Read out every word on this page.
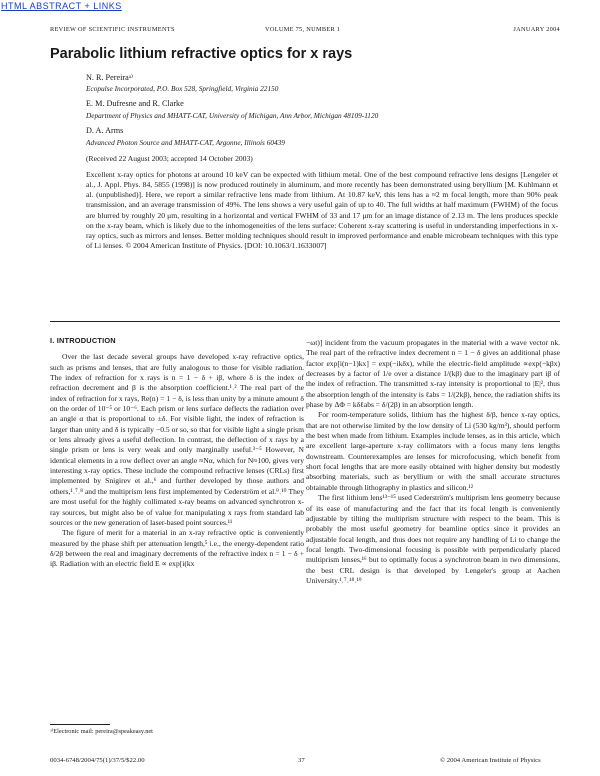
HTML ABSTRACT + LINKS
REVIEW OF SCIENTIFIC INSTRUMENTS	VOLUME 75, NUMBER 1	JANUARY 2004
Parabolic lithium refractive optics for x rays
N. R. Pereiraᵃ⁾
Ecopulse Incorporated, P.O. Box 528, Springfield, Virginia 22150
E. M. Dufresne and R. Clarke
Department of Physics and MHATT-CAT, University of Michigan, Ann Arbor, Michigan 48109-1120
D. A. Arms
Advanced Photon Source and MHATT-CAT, Argonne, Illinois 60439
(Received 22 August 2003; accepted 14 October 2003)
Excellent x-ray optics for photons at around 10 keV can be expected with lithium metal. One of the best compound refractive lens designs [Lengeler et al., J. Appl. Phys. 84, 5855 (1998)] is now produced routinely in aluminum, and more recently has been demonstrated using beryllium [M. Kuhlmann et al. (unpublished)]. Here, we report a similar refractive lens made from lithium. At 10.87 keV, this lens has a ≈2 m focal length, more than 90% peak transmission, and an average transmission of 49%. The lens shows a very useful gain of up to 40. The full widths at half maximum (FWHM) of the focus are blurred by roughly 20 μm, resulting in a horizontal and vertical FWHM of 33 and 17 μm for an image distance of 2.13 m. The lens produces speckle on the x-ray beam, which is likely due to the inhomogeneities of the lens surface: Coherent x-ray scattering is useful in understanding imperfections in x-ray optics, such as mirrors and lenses. Better molding techniques should result in improved performance and enable microbeam techniques with this type of Li lenses. © 2004 American Institute of Physics. [DOI: 10.1063/1.1633007]
I. INTRODUCTION

Over the last decade several groups have developed x-ray refractive optics, such as prisms and lenses, that are fully analogous to those for visible radiation. The index of refraction for x rays is n = 1 − δ + iβ, where δ is the index of refraction decrement and β is the absorption coefficient.¹˒² The real part of the index of refraction for x rays, Re(n) = 1 − δ, is less than unity by a minute amount δ on the order of 10⁻⁵ or 10⁻⁶. Each prism or lens surface deflects the radiation over an angle α that is proportional to ±δ. For visible light, the index of refraction is larger than unity and δ is typically −0.5 or so, so that for visible light a single prism or lens already gives a useful deflection. In contrast, the deflection of x rays by a single prism or lens is very weak and only marginally useful.³⁻⁵ However, N identical elements in a row deflect over an angle ≈Nα, which for N≈100, gives very interesting x-ray optics. These include the compound refractive lenses (CRLs) first implemented by Snigirev et al.,⁶ and further developed by those authors and others,¹˒⁷˒⁸ and the multiprism lens first implemented by Cederström et al.⁹˒¹⁰ They are most useful for the highly collimated x-ray beams on advanced synchrotron x-ray sources, but might also be of value for manipulating x rays from standard lab sources or the new generation of laser-based point sources.¹¹

The figure of merit for a material in an x-ray refractive optic is conveniently measured by the phase shift per attenuation length,⁵ i.e., the energy-dependent ratio δ/2β between the real and imaginary decrements of the refractive index n = 1 − δ + iβ. Radiation with an electric field E ∝ exp[i(kx

−ωt)] incident from the vacuum propagates in the material with a wave vector nk. The real part of the refractive index decrement n = 1 − δ gives an additional phase factor exp[i(n−1)kx] = exp(−ikδx), while the electric-field amplitude ∝exp(−kβx) decreases by a factor of 1/e over a distance 1/(kβ) due to the imaginary part iβ of the index of refraction. The transmitted x-ray intensity is proportional to |E|², thus the absorption length of the intensity is ℓabs = 1/(2kβ), hence, the radiation shifts its phase by ΔΦ = kδℓabs = δ/(2β) in an absorption length.

For room-temperature solids, lithium has the highest δ/β, hence x-ray optics, that are not otherwise limited by the low density of Li (530 kg/m³), should perform the best when made from lithium. Examples include lenses, as in this article, which are excellent large-aperture x-ray collimators with a focus many lens lengths downstream. Counterexamples are lenses for microfocusing, which benefit from short focal lengths that are more easily obtained with higher density but modestly absorbing materials, such as beryllium or with the small accurate structures obtainable through lithography in plastics and silicon.¹²

The first lithium lens¹³⁻¹⁵ used Cederström's multiprism lens geometry because of its ease of manufacturing and the fact that its focal length is conveniently adjustable by tilting the multiprism structure with respect to the beam. This is probably the most useful geometry for beamline optics since it provides an adjustable focal length, and thus does not require any handling of Li to change the focal length. Two-dimensional focusing is possible with perpendicularly placed multiprism lenses,¹⁶ but to optimally focus a synchrotron beam in two dimensions, the best CRL design is that developed by Lengeler's group at Aachen University.¹˒⁷˒¹⁸˒¹⁹

ᵃ⁾Electronic mail: pereira@speakeasy.net
0034-6748/2004/75(1)/37/5/$22.00	37	© 2004 American Institute of Physics
